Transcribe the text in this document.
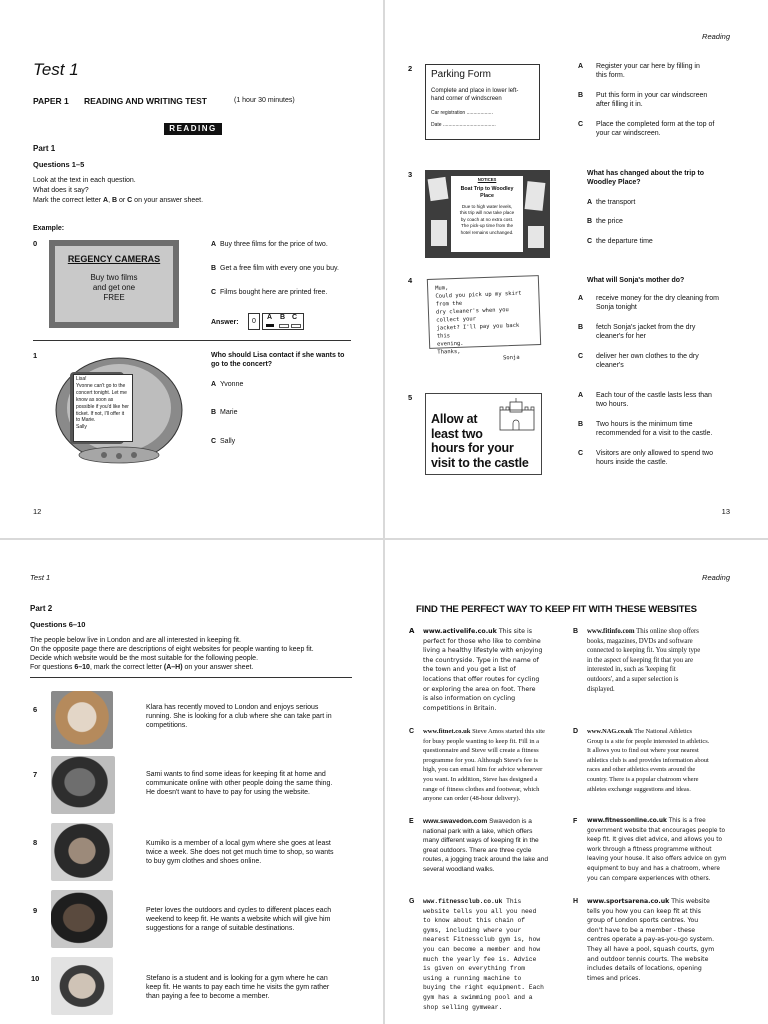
Test 1
PAPER 1 READING AND WRITING TEST	(1 hour 30 minutes)
READING
Part 1
Questions 1–5
Look at the text in each question.
What does it say?
Mark the correct letter A, B or C on your answer sheet.
Example:
0
REGENCY CAMERAS
Buy two films
and get one
FREE
A Buy three films for the price of two.
B Get a free film with every one you buy.
C Films bought here are printed free.
Answer:	0
A B C
1
Lisa!
Yvonne can't go to the
concert tonight. Let me
know as soon as
possible if you'd like her
ticket. If not, I'll offer it
to Marie.
Sally
Who should Lisa contact if she wants to
go to the concert?
A Yvonne
B Marie
C Sally
12
Reading
2
Parking Form
Complete and place in lower left-
hand corner of windscreen
Car registration ...................
Date ......................................
A Register your car here by filling in
this form.
B Put this form in your car windscreen
after filling it in.
C Place the completed form at the top of
your car windscreen.
3
NOTICES
Boat Trip to Woodley
Place
Due to high water levels,
this trip will now take place
by coach at no extra cost.
The pick-up time from the
hotel remains unchanged.
What has changed about the trip to
Woodley Place?
A the transport
B the price
C the departure time
4
Mum,
Could you pick up my skirt from the
dry cleaner's when you collect your
jacket? I'll pay you back this
evening.
Thanks,
Sonja
What will Sonja's mother do?
A receive money for the dry cleaning from
Sonja tonight
B fetch Sonja's jacket from the dry
cleaner's for her
C deliver her own clothes to the dry
cleaner's
5
Allow at
least two
hours for your
visit to the castle
A Each tour of the castle lasts less than
two hours.
B Two hours is the minimum time
recommended for a visit to the castle.
C Visitors are only allowed to spend two
hours inside the castle.
13
Test 1
Part 2
Questions 6–10
The people below live in London and are all interested in keeping fit.
On the opposite page there are descriptions of eight websites for people wanting to keep fit.
Decide which website would be the most suitable for the following people.
For questions 6–10, mark the correct letter (A–H) on your answer sheet.
6	Klara has recently moved to London and enjoys serious
running. She is looking for a club where she can take part in
competitions.
7	Sami wants to find some ideas for keeping fit at home and
communicate online with other people doing the same thing.
He doesn't want to have to pay for using the website.
8	Kumiko is a member of a local gym where she goes at least
twice a week. She does not get much time to shop, so wants
to buy gym clothes and shoes online.
9	Peter loves the outdoors and cycles to different places each
weekend to keep fit. He wants a website which will give him
suggestions for a range of suitable destinations.
10	Stefano is a student and is looking for a gym where he can
keep fit. He wants to pay each time he visits the gym rather
than paying a fee to become a member.
Reading
FIND THE PERFECT WAY TO KEEP FIT WITH THESE WEBSITES
A www.activelife.co.uk This site is
perfect for those who like to combine
living a healthy lifestyle with enjoying
the countryside. Type in the name of
the town and you get a list of
locations that offer routes for cycling
or exploring the area on foot. There
is also information on cycling
competitions in Britain.
B www.fitinfo.com This online shop offers
books, magazines, DVDs and software
connected to keeping fit. You simply type
in the aspect of keeping fit that you are
interested in, such as 'keeping fit
outdoors', and a super selection is
displayed.
C www.fitnet.co.uk Steve Amos started this site
for busy people wanting to keep fit. Fill in a
questionnaire and Steve will create a fitness
programme for you. Although Steve's fee is
high, you can email him for advice whenever
you want. In addition, Steve has designed a
range of fitness clothes and footwear, which
anyone can order (48-hour delivery).
D www.NAG.co.uk The National Athletics
Group is a site for people interested in athletics.
It allows you to find out where your nearest
athletics club is and provides information about
races and other athletics events around the
country. There is a popular chatroom where
athletes exchange suggestions and ideas.
E www.swavedon.com Swavedon is a
national park with a lake, which offers
many different ways of keeping fit in the
great outdoors. There are three cycle
routes, a jogging track around the lake and
several woodland walks.
F www.fitnessonline.co.uk This is a free
government website that encourages people to
keep fit. It gives diet advice, and allows you to
work through a fitness programme without
leaving your house. It also offers advice on gym
equipment to buy and has a chatroom, where
you can compare experiences with others.
G www.fitnessclub.co.uk This
website tells you all you need
to know about this chain of
gyms, including where your
nearest Fitnessclub gym is, how
you can become a member and how
much the yearly fee is. Advice
is given on everything from
using a running machine to
buying the right equipment. Each
gym has a swimming pool and a
shop selling gymwear.
H www.sportsarena.co.uk This website
tells you how you can keep fit at this
group of London sports centres. You
don't have to be a member - these
centres operate a pay-as-you-go system.
They all have a pool, squash courts, gym
and outdoor tennis courts. The website
includes details of locations, opening
times and prices.
